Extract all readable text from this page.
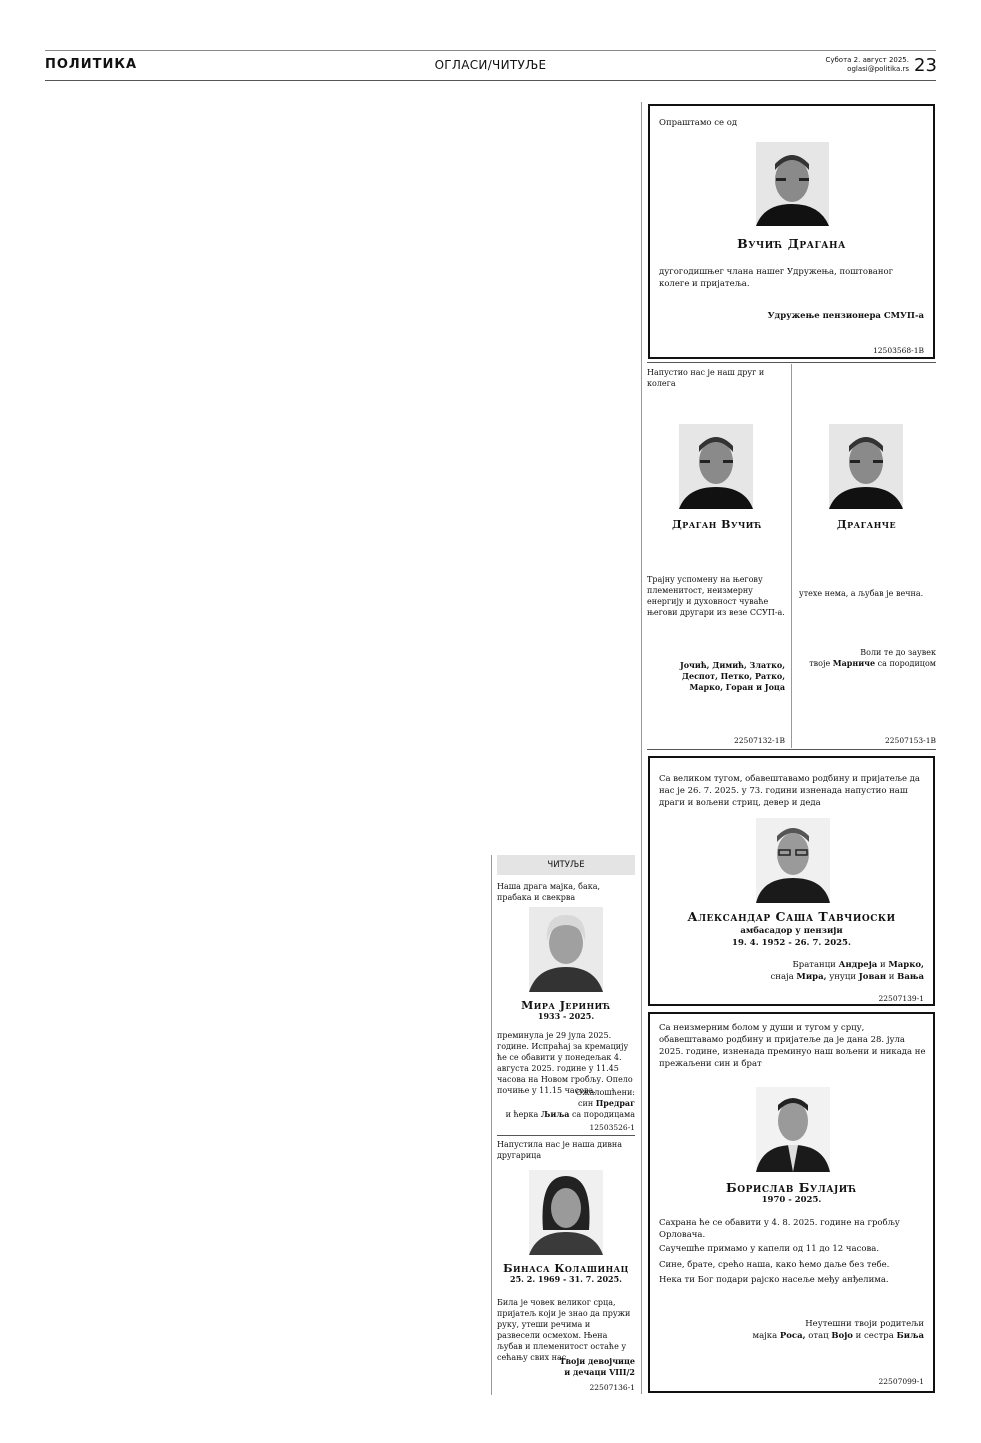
ПОЛИТИКА	ОГЛАСИ/ЧИТУЉЕ	Субота 2. август 2025.
oglasi@politika.rs 23
Опраштамо се од
Вучић Драгана
дугогодишњег члана нашег Удружења, поштованог колеге и пријатеља.
Удружење пензионера СМУП-а
12503568-1В
Напустио нас је наш друг и колега
Драган Вучић
Трајну успомену на његову племенитост, неизмерну енергију и духовност чуваће његови другари из везе ССУП-а.
Јочић, Димић, Златко,
Деспот, Петко, Ратко,
Марко, Горан и Јоца
22507132-1В
Драганче
утехе нема, а љубав је вечна.
Воли те до заувек
твоје Марниче са породицом
22507153-1В
Са великом тугом, обавештавамо родбину и пријатеље да нас је 26. 7. 2025. у 73. години изненада напустио наш драги и вољени стриц, девер и деда
Александар Саша Тавчиоски
амбасадор у пензији
19. 4. 1952 - 26. 7. 2025.
Братанци Андреја и Марко,
снаја Мира, унуци Јован и Вања
22507139-1
Са неизмерним болом у души и тугом у срцу, обавештавамо родбину и пријатеље да је дана 28. јула 2025. године, изненада преминуо наш вољени и никада не прежаљени син и брат
Борислав Булајић
1970 - 2025.
Сахрана ће се обавити у 4. 8. 2025. године на гробљу Орловача.
Саучешће примамо у капели од 11 до 12 часова.
Сине, брате, срећо наша, како ћемо даље без тебе.
Нека ти Бог подари рајско насеље међу анђелима.
Неутешни твоји родитељи
мајка Роса, отац Војо и сестра Биља
22507099-1
ЧИТУЉЕ
Наша драга мајка, бака, прабака и свекрва
Мира Јеринић
1933 - 2025.
преминула је 29 јула 2025. године. Испраћај за кремацију ће се обавити у понедељак 4. августа 2025. године у 11.45 часова на Новом гробљу. Опело почиње у 11.15 часова.
Ожалошћени:
син Предраг
и ћерка Љиља са породицама
12503526-1
Напустила нас је наша дивна другарица
Бинаса Колашинац
25. 2. 1969 - 31. 7. 2025.
Била је човек великог срца, пријатељ који је знао да пружи руку, утеши речима и развесели осмехом. Њена љубав и племенитост остаће у сећању свих нас.
Твоји девојчице
и дечаци VIII/2
22507136-1
